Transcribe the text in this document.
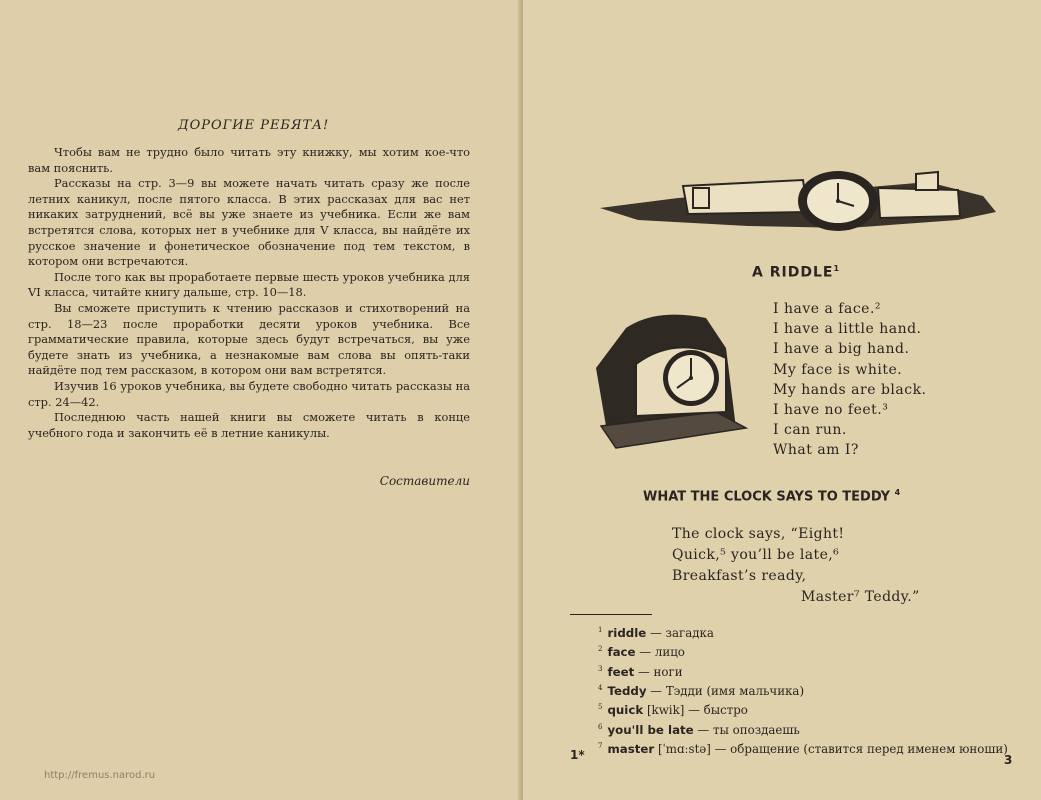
ДОРОГИЕ РЕБЯТА!

Чтобы вам не трудно было читать эту книжку, мы хотим кое-что вам пояснить.

Рассказы на стр. 3—9 вы можете начать читать сразу же после летних каникул, после пятого класса. В этих рассказах для вас нет никаких затруднений, всё вы уже знаете из учебника. Если же вам встретятся слова, которых нет в учебнике для V класса, вы найдёте их русское значение и фонетическое обозначение под тем текстом, в котором они встречаются.

После того как вы проработаете первые шесть уроков учебника для VI класса, читайте книгу дальше, стр. 10—18.

Вы сможете приступить к чтению рассказов и стихотворений на стр. 18—23 после проработки десяти уроков учебника. Все грамматические правила, которые здесь будут встречаться, вы уже будете знать из учебника, а незнакомые вам слова вы опять-таки найдёте под тем рассказом, в котором они вам встретятся.

Изучив 16 уроков учебника, вы будете свободно читать рассказы на стр. 24—42.

Последнюю часть нашей книги вы сможете читать в конце учебного года и закончить её в летние каникулы.

Составители
http://fremus.narod.ru
A RIDDLE$^1$
I have a face.²
I have a little hand.
I have a big hand.
My face is white.
My hands are black.
I have no feet.³
I can run.
What am I?
WHAT THE CLOCK SAYS TO TEDDY $^4$
The clock says, “Eight!
Quick,⁵ you’ll be late,⁶
Breakfast’s ready,
Master⁷ Teddy.”
$^1$ riddle — загадка
$^2$ face — лицо
$^3$ feet — ноги
$^4$ Teddy — Тэдди (имя мальчика)
$^5$ quick [kwik] — быстро
$^6$ you'll be late — ты опоздаешь
$^7$ master [ˈmɑːstə] — обращение (ставится перед именем юноши)
1*	3
